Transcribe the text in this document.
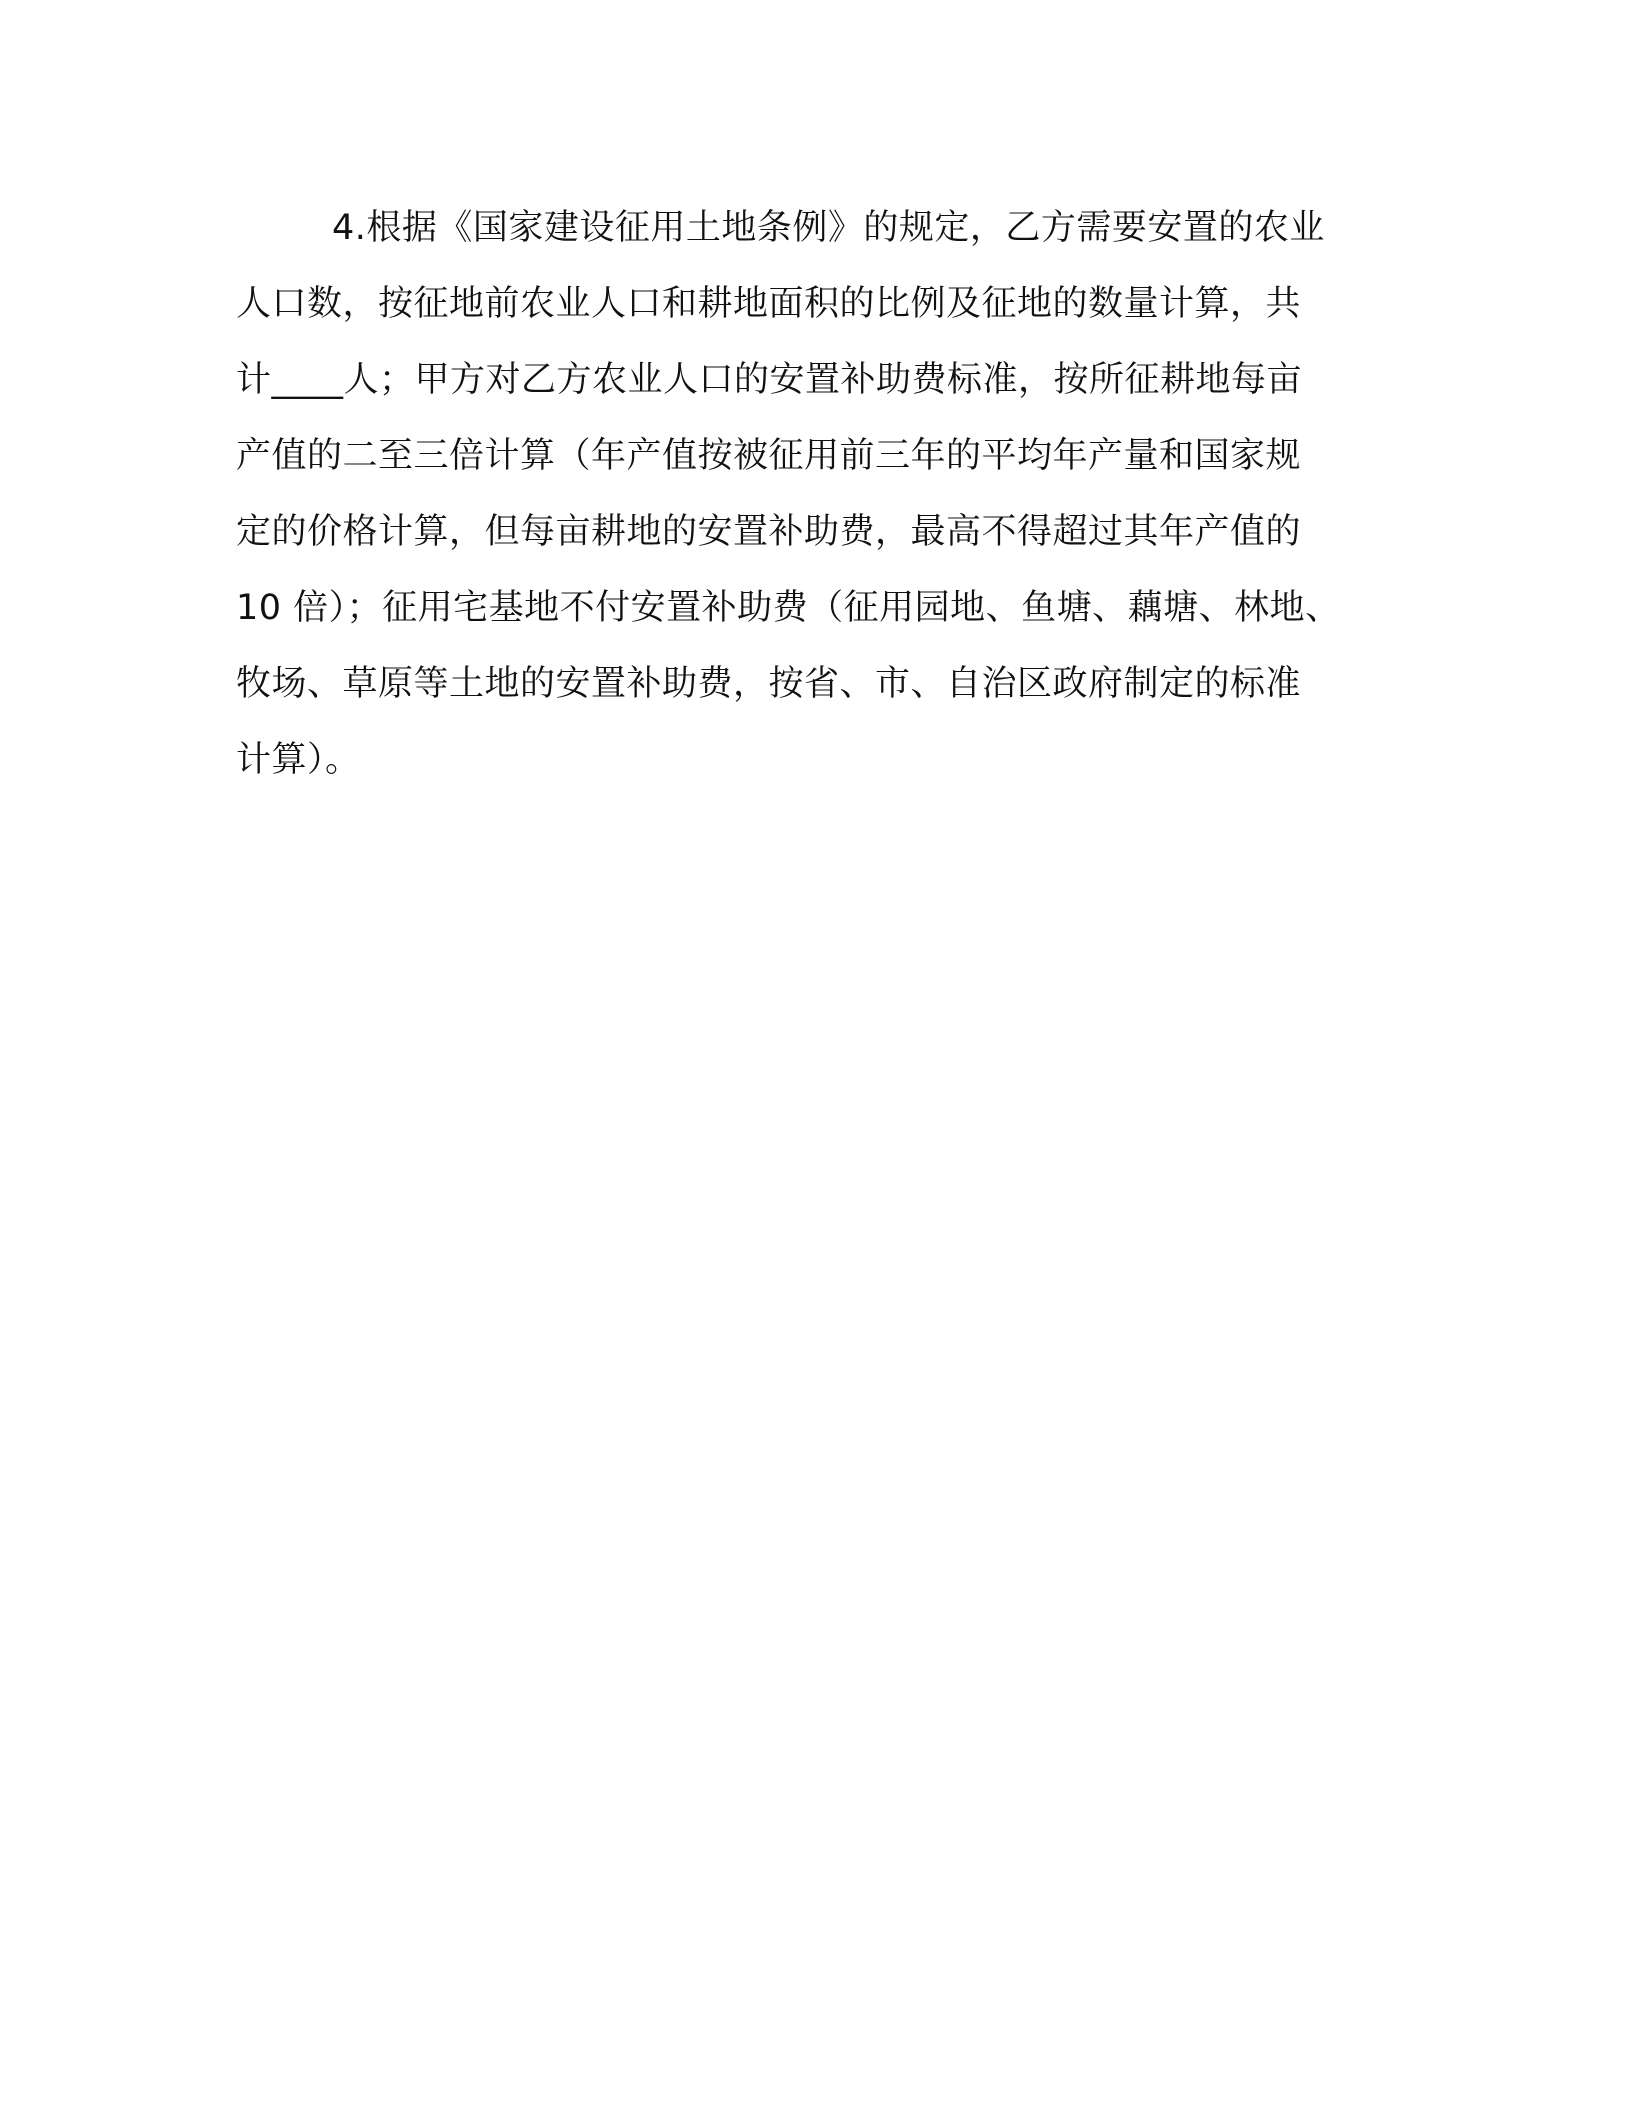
4.根据《国家建设征用土地条例》的规定，乙方需要安置的农业
人口数，按征地前农业人口和耕地面积的比例及征地的数量计算，共
计____人；甲方对乙方农业人口的安置补助费标准，按所征耕地每亩
产值的二至三倍计算（年产值按被征用前三年的平均年产量和国家规
定的价格计算，但每亩耕地的安置补助费，最高不得超过其年产值的
10 倍）；征用宅基地不付安置补助费（征用园地、鱼塘、藕塘、林地、
牧场、草原等土地的安置补助费，按省、市、自治区政府制定的标准
计算）。
